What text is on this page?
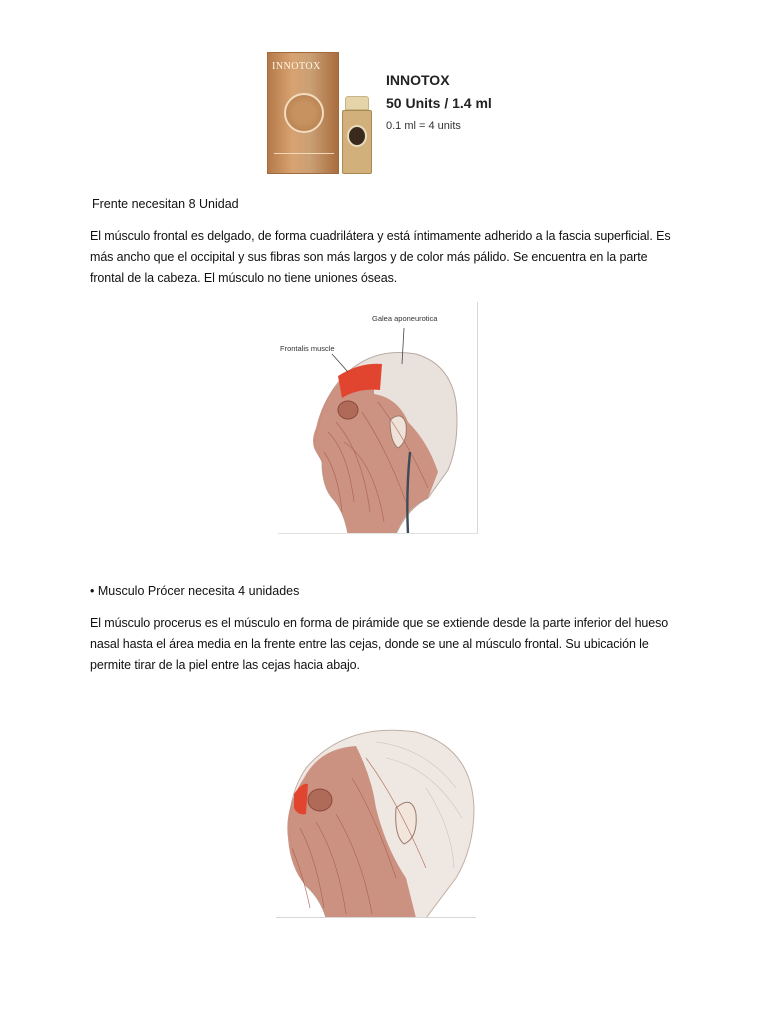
INNOTOX
INNOTOX
50 Units / 1.4 ml
0.1 ml = 4 units
Frente necesitan 8 Unidad
El músculo frontal es delgado, de forma cuadrilátera y está íntimamente adherido a la fascia superficial. Es más ancho que el occipital y sus fibras son más largos y de color más pálido. Se encuentra en la parte frontal de la cabeza. El músculo no tiene uniones óseas.
Galea aponeurotica
Frontalis muscle
• Musculo Prócer necesita 4 unidades
El músculo procerus es el músculo en forma de pirámide que se extiende desde la parte inferior del hueso nasal hasta el área media en la frente entre las cejas, donde se une al músculo frontal. Su ubicación le permite tirar de la piel entre las cejas hacia abajo.
